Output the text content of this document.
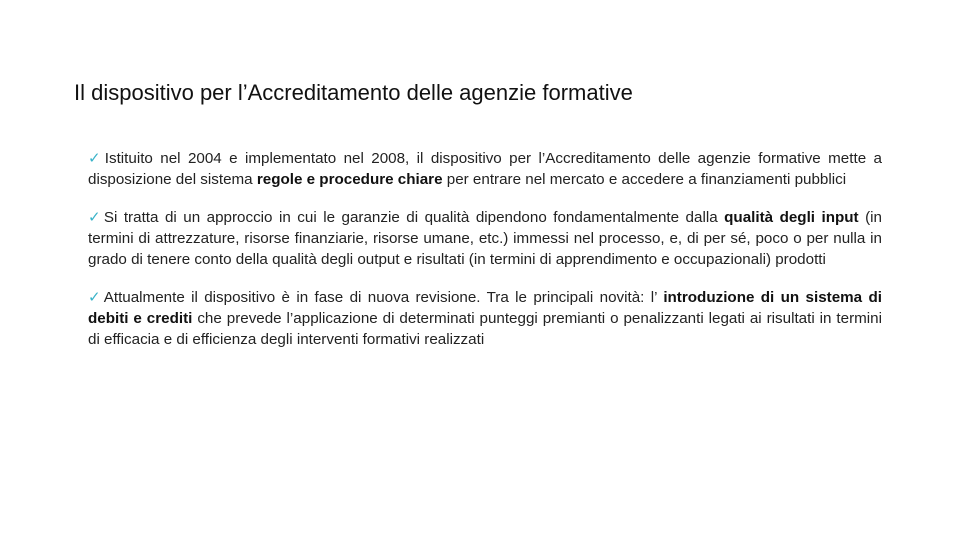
Il dispositivo per l’Accreditamento delle agenzie formative
✓Istituito nel 2004 e implementato nel 2008, il dispositivo per l’Accreditamento delle agenzie formative mette a disposizione del sistema regole e procedure chiare per entrare nel mercato e accedere a finanziamenti pubblici
✓Si tratta di un approccio in cui le garanzie di qualità dipendono fondamentalmente dalla qualità degli input (in termini di attrezzature, risorse finanziarie, risorse umane, etc.) immessi nel processo, e, di per sé, poco o per nulla in grado di tenere conto della qualità degli output e risultati (in termini di apprendimento e occupazionali) prodotti
✓Attualmente il dispositivo è in fase di nuova revisione. Tra le principali novità: l’ introduzione di un sistema di debiti e crediti che prevede l’applicazione di determinati punteggi premianti o penalizzanti legati ai risultati in termini di efficacia e di efficienza degli interventi formativi realizzati
